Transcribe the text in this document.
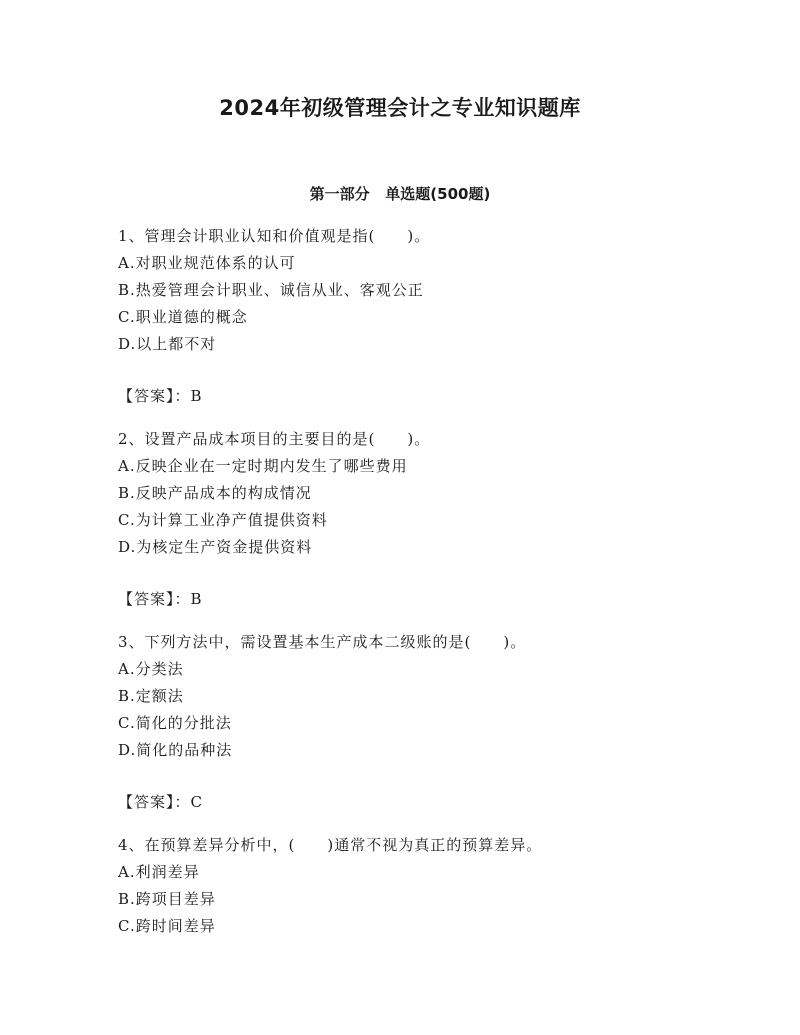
2024年初级管理会计之专业知识题库
第一部分   单选题(500题)
1、管理会计职业认知和价值观是指(　　)。
A.对职业规范体系的认可
B.热爱管理会计职业、诚信从业、客观公正
C.职业道德的概念
D.以上都不对
【答案】：B
2、设置产品成本项目的主要目的是(　　)。
A.反映企业在一定时期内发生了哪些费用
B.反映产品成本的构成情况
C.为计算工业净产值提供资料
D.为核定生产资金提供资料
【答案】：B
3、下列方法中，需设置基本生产成本二级账的是(　　)。
A.分类法
B.定额法
C.简化的分批法
D.简化的品种法
【答案】：C
4、在预算差异分析中，(　　)通常不视为真正的预算差异。
A.利润差异
B.跨项目差异
C.跨时间差异
